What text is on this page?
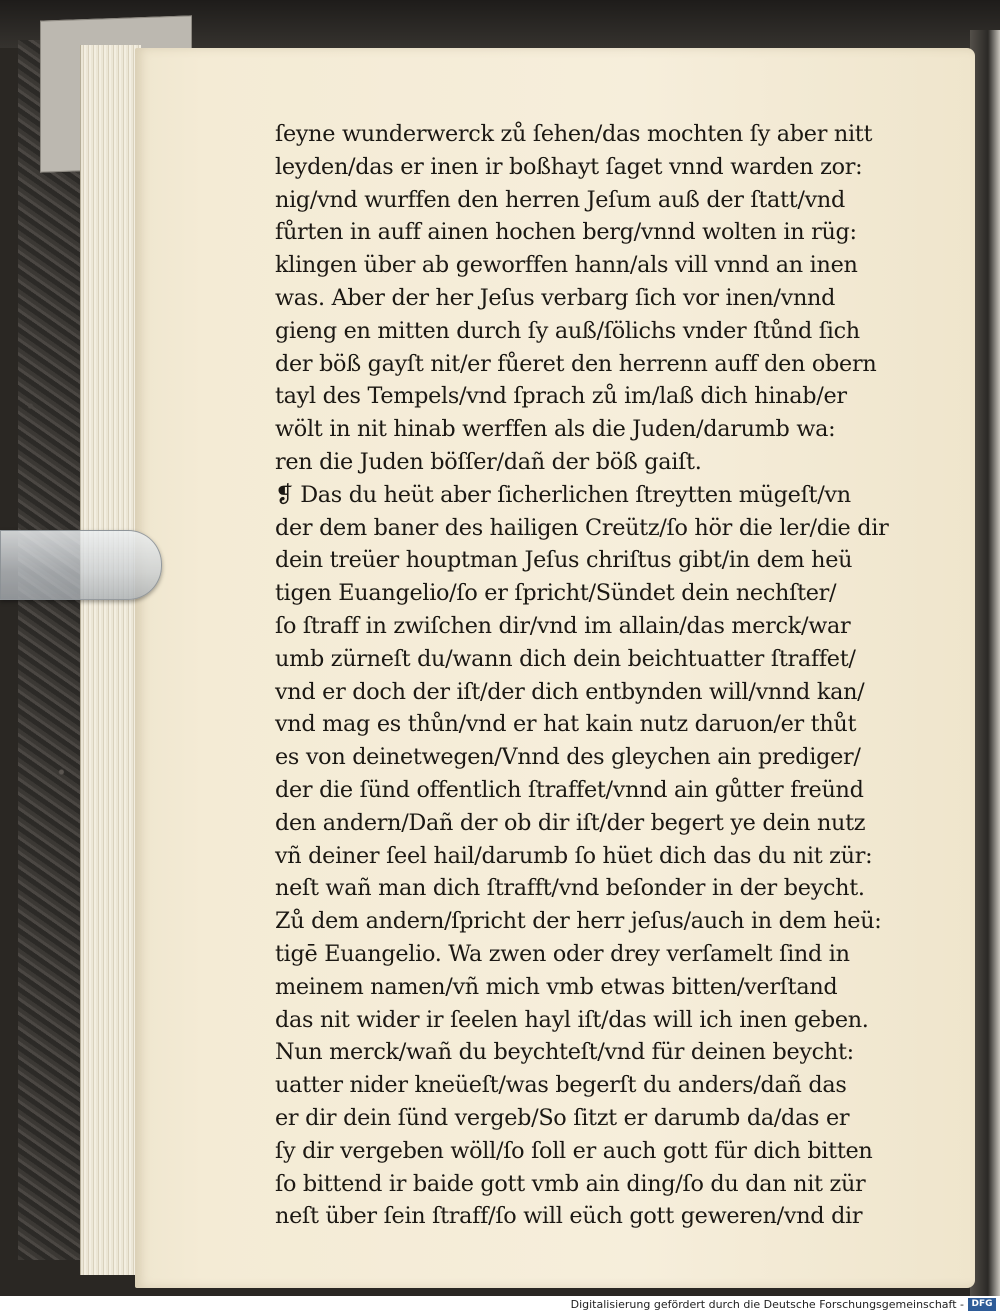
ſeyne wunderwerck zů ſehen/das mochten ſy aber nitt
leyden/das er inen ir boßhayt ſaget vnnd warden zor:
nig/vnd wurffen den herren Jeſum auß der ſtatt/vnd
fůrten in auff ainen hochen berg/vnnd wolten in rüg:
klingen über ab geworffen hann/als vill vnnd an inen
was. Aber der her Jeſus verbarg ſich vor inen/vnnd
gieng en mitten durch ſy auß/ſölichs vnder ſtůnd ſich
der böß gayſt nit/er fůeret den herrenn auff den obern
tayl des Tempels/vnd ſprach zů im/laß dich hinab/er
wölt in nit hinab werffen als die Juden/darumb wa:
ren die Juden böſſer/dañ der böß gaiſt.
❡ Das du heüt aber ſicherlichen ſtreytten mügeſt/vn
der dem baner des hailigen Creütz/ſo hör die ler/die dir
dein treüer houptman Jeſus chriſtus gibt/in dem heü
tigen Euangelio/ſo er ſpricht/Sündet dein nechſter/
ſo ſtraff in zwiſchen dir/vnd im allain/das merck/war
umb zürneſt du/wann dich dein beichtuatter ſtraffet/
vnd er doch der iſt/der dich entbynden will/vnnd kan/
vnd mag es thůn/vnd er hat kain nutz daruon/er thůt
es von deinetwegen/Vnnd des gleychen ain prediger/
der die ſünd offentlich ſtraffet/vnnd ain gůtter freünd
den andern/Dañ der ob dir iſt/der begert ye dein nutz
vñ deiner ſeel hail/darumb ſo hüet dich das du nit zür:
neſt wañ man dich ſtrafft/vnd beſonder in der beycht.
Zů dem andern/ſpricht der herr jeſus/auch in dem heü:
tigē Euangelio. Wa zwen oder drey verſamelt ſind in
meinem namen/vñ mich vmb etwas bitten/verſtand
das nit wider ir ſeelen hayl iſt/das will ich inen geben.
Nun merck/wañ du beychteſt/vnd für deinen beycht:
uatter nider kneüeſt/was begerſt du anders/dañ das
er dir dein ſünd vergeb/So ſitzt er darumb da/das er
ſy dir vergeben wöll/ſo ſoll er auch gott für dich bitten
ſo bittend ir baide gott vmb ain ding/ſo du dan nit zür
neſt über ſein ſtraff/ſo will eüch gott geweren/vnd dir
Digitalisierung gefördert durch die Deutsche Forschungsgemeinschaft - DFG
